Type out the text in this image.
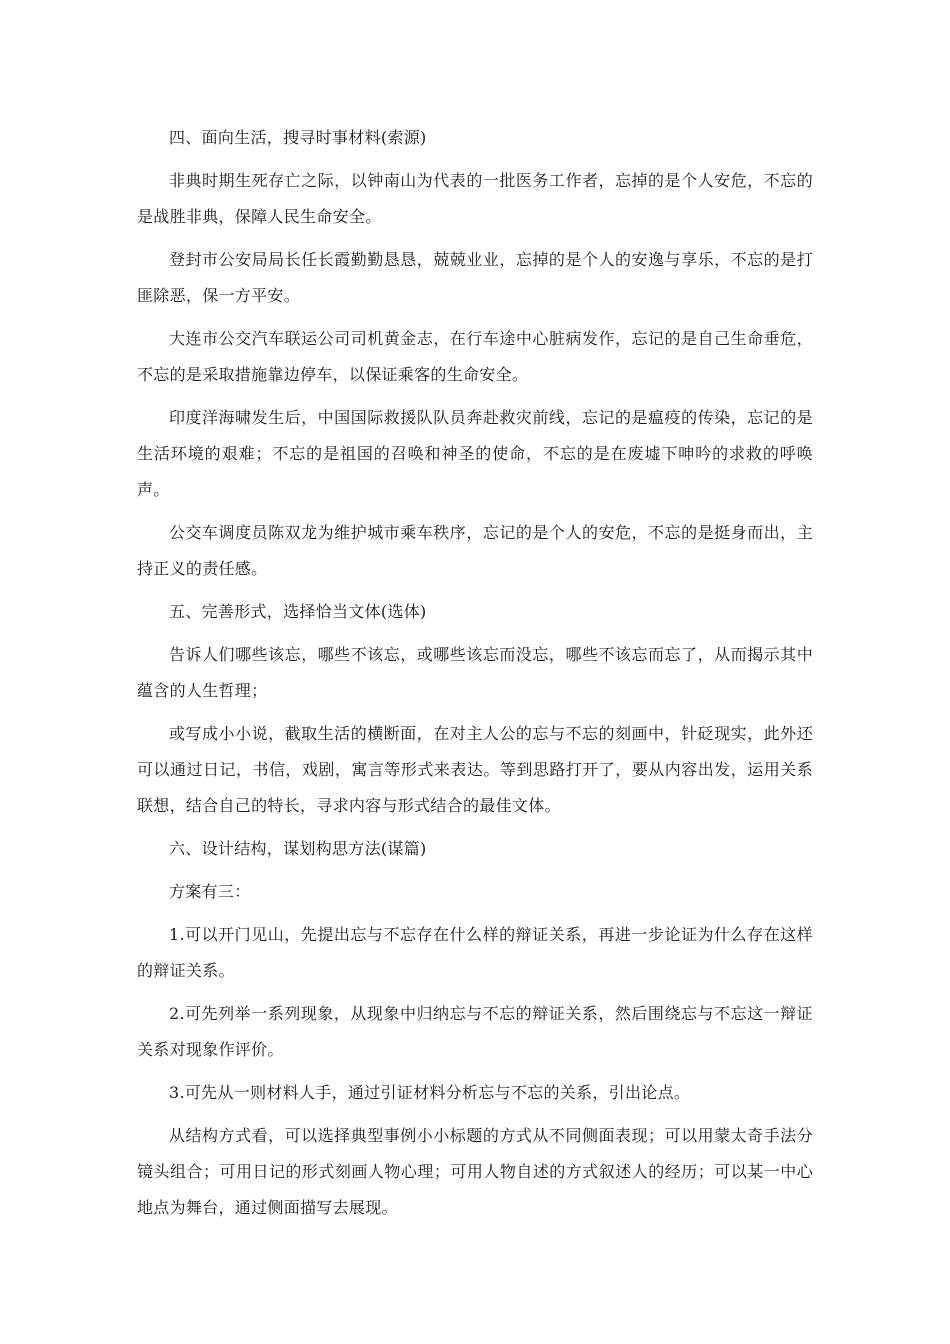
四、面向生活，搜寻时事材料(索源)

非典时期生死存亡之际，以钟南山为代表的一批医务工作者，忘掉的是个人安危，不忘的是战胜非典，保障人民生命安全。

登封市公安局局长任长霞勤勤恳恳，兢兢业业，忘掉的是个人的安逸与享乐，不忘的是打匪除恶，保一方平安。

大连市公交汽车联运公司司机黄金志，在行车途中心脏病发作，忘记的是自己生命垂危，不忘的是采取措施靠边停车，以保证乘客的生命安全。

印度洋海啸发生后，中国国际救援队队员奔赴救灾前线，忘记的是瘟疫的传染，忘记的是生活环境的艰难；不忘的是祖国的召唤和神圣的使命，不忘的是在废墟下呻吟的求救的呼唤声。

公交车调度员陈双龙为维护城市乘车秩序，忘记的是个人的安危，不忘的是挺身而出，主持正义的责任感。

五、完善形式，选择恰当文体(选体)

告诉人们哪些该忘，哪些不该忘，或哪些该忘而没忘，哪些不该忘而忘了，从而揭示其中蕴含的人生哲理；

或写成小小说，截取生活的横断面，在对主人公的忘与不忘的刻画中，针砭现实，此外还可以通过日记，书信，戏剧，寓言等形式来表达。等到思路打开了，要从内容出发，运用关系联想，结合自己的特长，寻求内容与形式结合的最佳文体。

六、设计结构，谋划构思方法(谋篇)

方案有三：

1.可以开门见山，先提出忘与不忘存在什么样的辩证关系，再进一步论证为什么存在这样的辩证关系。

2.可先列举一系列现象，从现象中归纳忘与不忘的辩证关系，然后围绕忘与不忘这一辩证关系对现象作评价。

3.可先从一则材料人手，通过引证材料分析忘与不忘的关系，引出论点。

从结构方式看，可以选择典型事例小小标题的方式从不同侧面表现；可以用蒙太奇手法分镜头组合；可用日记的形式刻画人物心理；可用人物自述的方式叙述人的经历；可以某一中心地点为舞台，通过侧面描写去展现。
